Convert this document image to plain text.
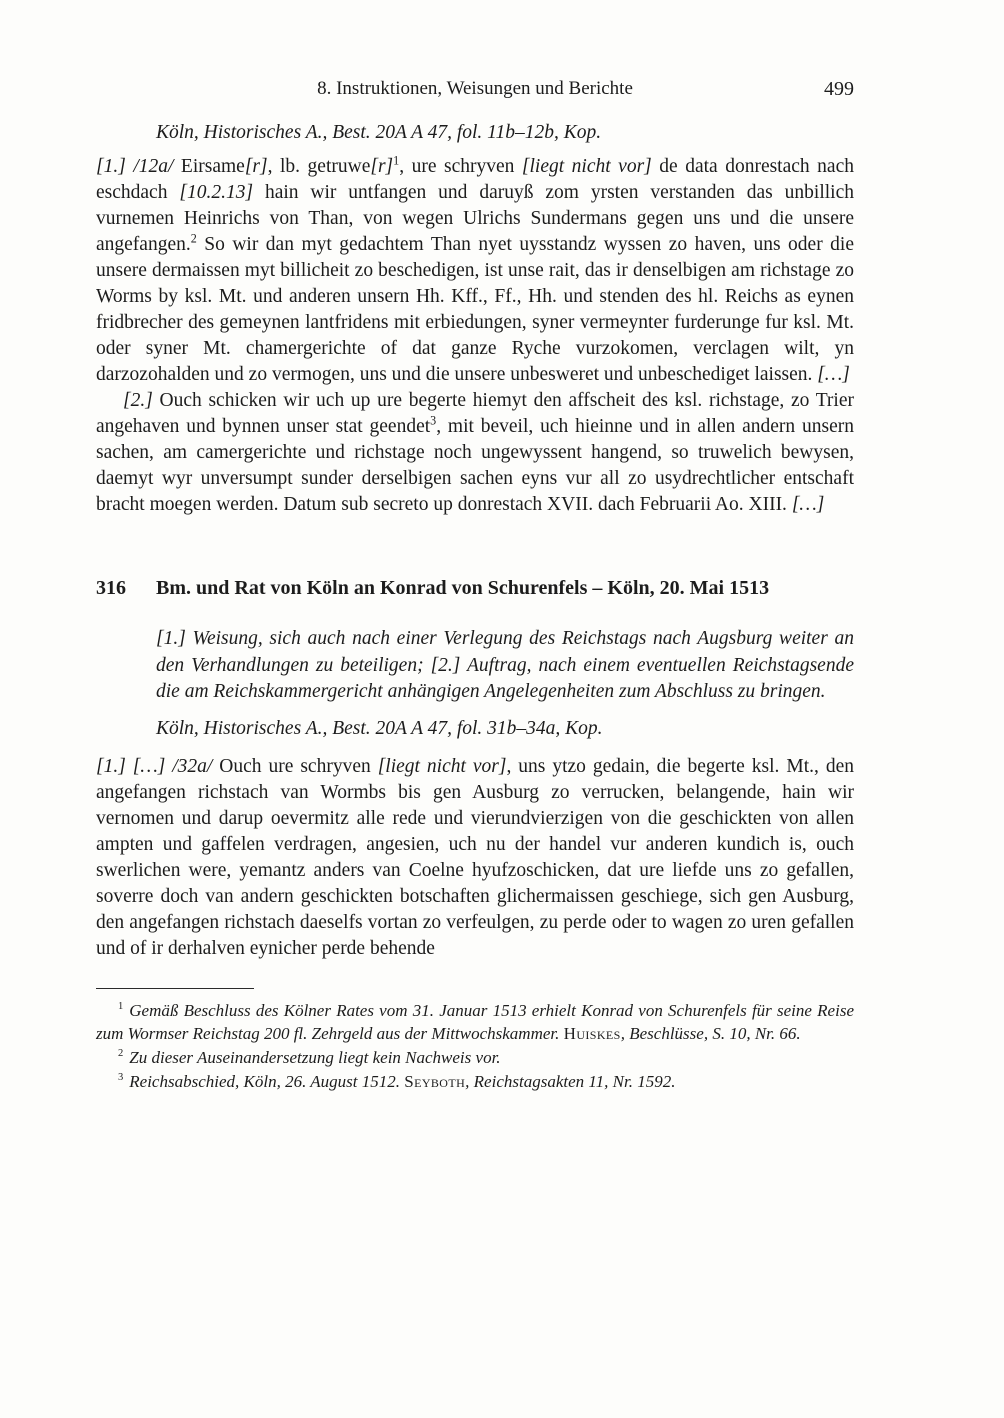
8. Instruktionen, Weisungen und Berichte	499

Köln, Historisches A., Best. 20A A 47, fol. 11b–12b, Kop.

[1.] /12a/ Eirsame[r], lb. $getruwe[r]^1$, ure schryven [liegt nicht vor] de data donrestach nach eschdach [10.2.13] hain wir untfangen und daruyß zom yrsten verstanden das unbillich vurnemen Heinrichs von Than, von wegen Ulrichs Sundermans gegen uns und die unsere angefangen.$^2$ So wir dan myt gedachtem Than nyet uysstandz wyssen zo haven, uns oder die unsere dermaissen myt billicheit zo beschedigen, ist unse rait, das ir denselbigen am richstage zo Worms by ksl. Mt. und anderen unsern Hh. Kff., Ff., Hh. und stenden des hl. Reichs as eynen fridbrecher des gemeynen lantfridens mit erbiedungen, syner vermeynter furderunge fur ksl. Mt. oder syner Mt. chamergerichte of dat ganze Ryche vurzokomen, verclagen wilt, yn darzozohalden und zo vermogen, uns und die unsere unbesweret und unbeschediget laissen. […]

[2.] Ouch schicken wir uch up ure begerte hiemyt den affscheit des ksl. richstage, zo Trier angehaven und bynnen unser stat geendet$^3$, mit beveil, uch hieinne und in allen andern unsern sachen, am camergerichte und richstage noch ungewyssent hangend, so truwelich bewysen, daemyt wyr unversumpt sunder derselbigen sachen eyns vur all zo usydrechtlicher entschaft bracht moegen werden. Datum sub secreto up donrestach XVII. dach Februarii Ao. XIII. […]

316	Bm. und Rat von Köln an Konrad von Schurenfels – Köln, 20. Mai 1513

[1.] Weisung, sich auch nach einer Verlegung des Reichstags nach Augsburg weiter an den Verhandlungen zu beteiligen; [2.] Auftrag, nach einem eventuellen Reichstagsende die am Reichskammergericht anhängigen Angelegenheiten zum Abschluss zu bringen.

Köln, Historisches A., Best. 20A A 47, fol. 31b–34a, Kop.

[1.] […] /32a/ Ouch ure schryven [liegt nicht vor], uns ytzo gedain, die begerte ksl. Mt., den angefangen richstach van Wormbs bis gen Ausburg zo verrucken, belangende, hain wir vernomen und darup oevermitz alle rede und vierundvierzigen von die geschickten von allen ampten und gaffelen verdragen, angesien, uch nu der handel vur anderen kundich is, ouch swerlichen were, yemantz anders van Coelne hyufzoschicken, dat ure liefde uns zo gefallen, soverre doch van andern geschickten botschaften glichermaissen geschiege, sich gen Ausburg, den angefangen richstach daeselfs vortan zo verfeulgen, zu perde oder to wagen zo uren gefallen und of ir derhalven eynicher perde behende

$^1$ Gemäß Beschluss des Kölner Rates vom 31. Januar 1513 erhielt Konrad von Schurenfels für seine Reise zum Wormser Reichstag 200 fl. Zehrgeld aus der Mittwochskammer. Huiskes, Beschlüsse, S. 10, Nr. 66.

$^2$ Zu dieser Auseinandersetzung liegt kein Nachweis vor.

$^3$ Reichsabschied, Köln, 26. August 1512. Seyboth, Reichstagsakten 11, Nr. 1592.
